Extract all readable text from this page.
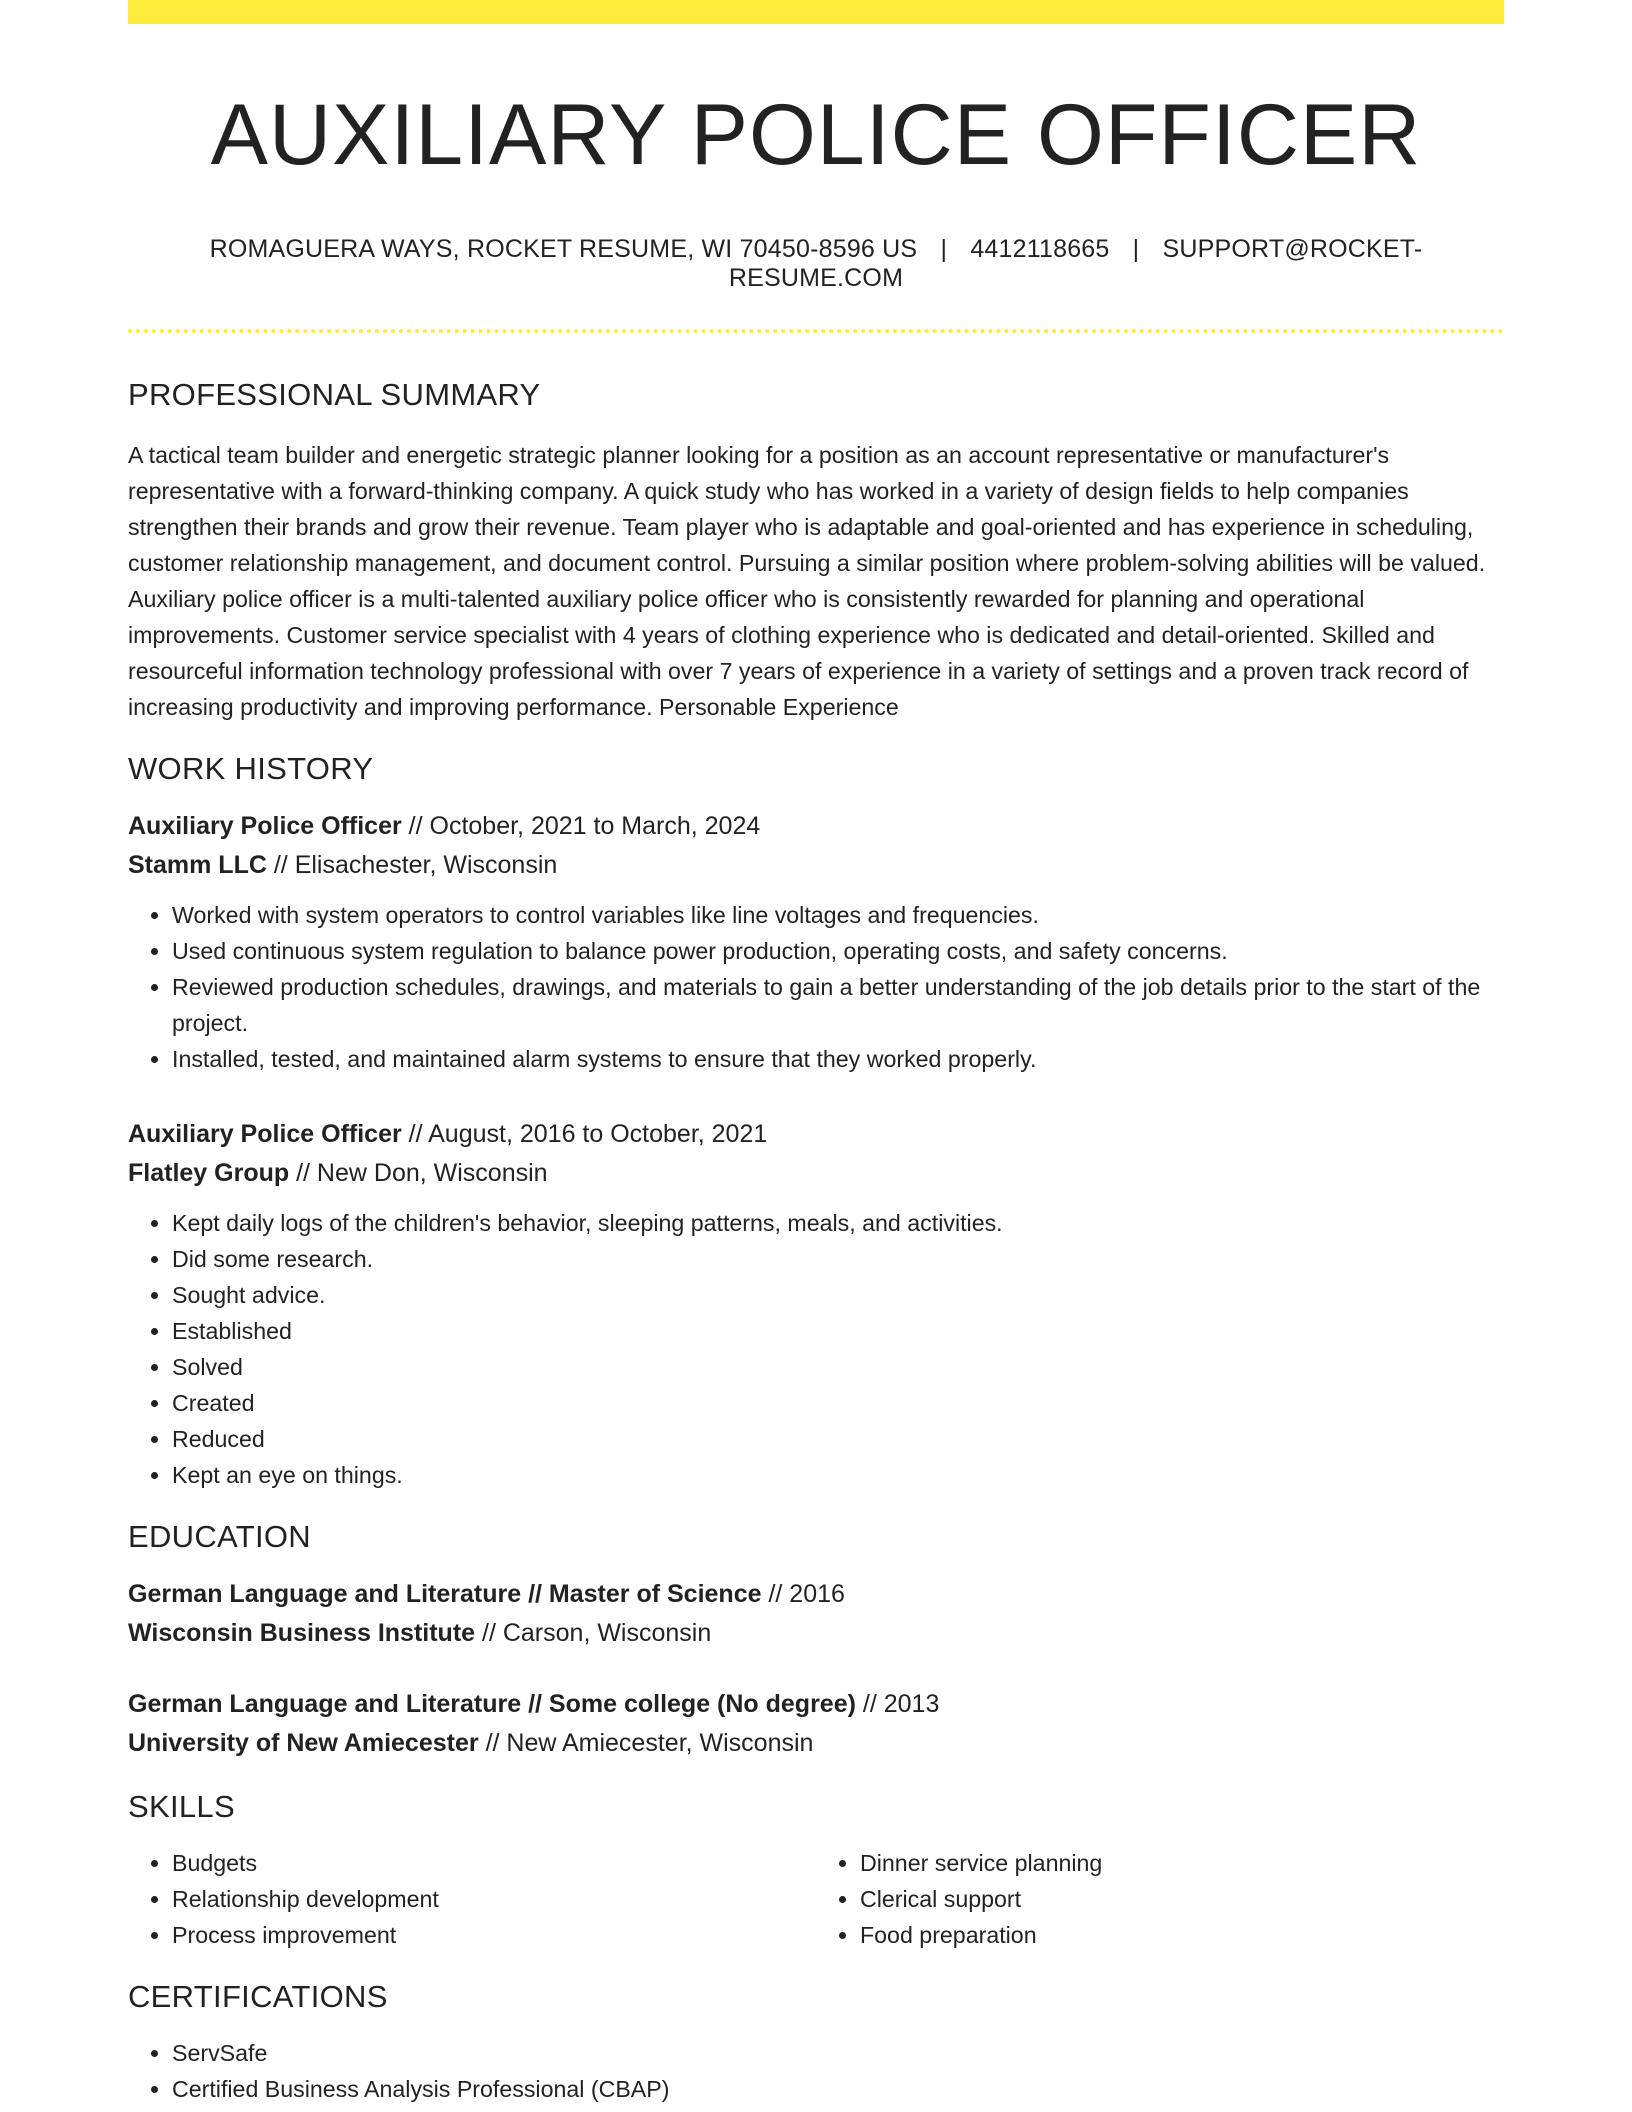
AUXILIARY POLICE OFFICER
ROMAGUERA WAYS, ROCKET RESUME, WI 70450-8596 US | 4412118665 | SUPPORT@ROCKET-RESUME.COM
PROFESSIONAL SUMMARY

A tactical team builder and energetic strategic planner looking for a position as an account representative or manufacturer's representative with a forward-thinking company. A quick study who has worked in a variety of design fields to help companies strengthen their brands and grow their revenue. Team player who is adaptable and goal-oriented and has experience in scheduling, customer relationship management, and document control. Pursuing a similar position where problem-solving abilities will be valued. Auxiliary police officer is a multi-talented auxiliary police officer who is consistently rewarded for planning and operational improvements. Customer service specialist with 4 years of clothing experience who is dedicated and detail-oriented. Skilled and resourceful information technology professional with over 7 years of experience in a variety of settings and a proven track record of increasing productivity and improving performance. Personable Experience

WORK HISTORY
Auxiliary Police Officer // October, 2021 to March, 2024
Stamm LLC // Elisachester, Wisconsin
• Worked with system operators to control variables like line voltages and frequencies.
• Used continuous system regulation to balance power production, operating costs, and safety concerns.
• Reviewed production schedules, drawings, and materials to gain a better understanding of the job details prior to the start of the project.
• Installed, tested, and maintained alarm systems to ensure that they worked properly.
Auxiliary Police Officer // August, 2016 to October, 2021
Flatley Group // New Don, Wisconsin
• Kept daily logs of the children's behavior, sleeping patterns, meals, and activities.
• Did some research.
• Sought advice.
• Established
• Solved
• Created
• Reduced
• Kept an eye on things.
EDUCATION
German Language and Literature // Master of Science // 2016
Wisconsin Business Institute // Carson, Wisconsin
German Language and Literature // Some college (No degree) // 2013
University of New Amiecester // New Amiecester, Wisconsin
SKILLS
• Budgets
• Relationship development
• Process improvement
• Dinner service planning
• Clerical support
• Food preparation
CERTIFICATIONS
• ServSafe
• Certified Business Analysis Professional (CBAP)
